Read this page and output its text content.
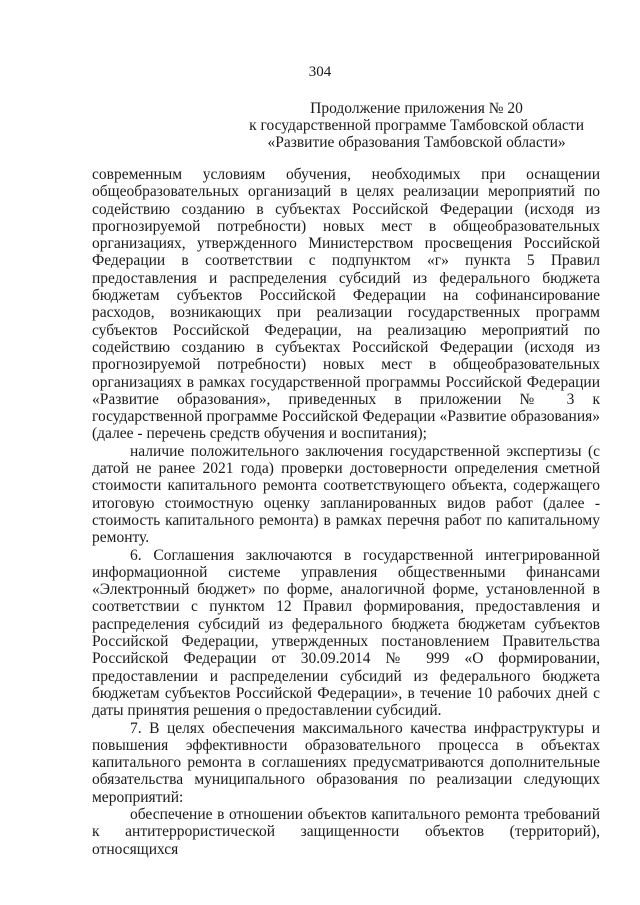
304
Продолжение приложения № 20
к государственной программе Тамбовской области
«Развитие образования Тамбовской области»

современным условиям обучения, необходимых при оснащении общеобразовательных организаций в целях реализации мероприятий по содействию созданию в субъектах Российской Федерации (исходя из прогнозируемой потребности) новых мест в общеобразовательных организациях, утвержденного Министерством просвещения Российской Федерации в соответствии с подпунктом «г» пункта 5 Правил предоставления и распределения субсидий из федерального бюджета бюджетам субъектов Российской Федерации на софинансирование расходов, возникающих при реализации государственных программ субъектов Российской Федерации, на реализацию мероприятий по содействию созданию в субъектах Российской Федерации (исходя из прогнозируемой потребности) новых мест в общеобразовательных организациях в рамках государственной программы Российской Федерации «Развитие образования», приведенных в приложении № 3 к государственной программе Российской Федерации «Развитие образования» (далее - перечень средств обучения и воспитания);

наличие положительного заключения государственной экспертизы (с датой не ранее 2021 года) проверки достоверности определения сметной стоимости капитального ремонта соответствующего объекта, содержащего итоговую стоимостную оценку запланированных видов работ (далее - стоимость капитального ремонта) в рамках перечня работ по капитальному ремонту.

6. Соглашения заключаются в государственной интегрированной информационной системе управления общественными финансами «Электронный бюджет» по форме, аналогичной форме, установленной в соответствии с пунктом 12 Правил формирования, предоставления и распределения субсидий из федерального бюджета бюджетам субъектов Российской Федерации, утвержденных постановлением Правительства Российской Федерации от 30.09.2014 № 999 «О формировании, предоставлении и распределении субсидий из федерального бюджета бюджетам субъектов Российской Федерации», в течение 10 рабочих дней с даты принятия решения о предоставлении субсидий.

7. В целях обеспечения максимального качества инфраструктуры и повышения эффективности образовательного процесса в объектах капитального ремонта в соглашениях предусматриваются дополнительные обязательства муниципального образования по реализации следующих мероприятий:

обеспечение в отношении объектов капитального ремонта требований к антитеррористической защищенности объектов (территорий), относящихся
